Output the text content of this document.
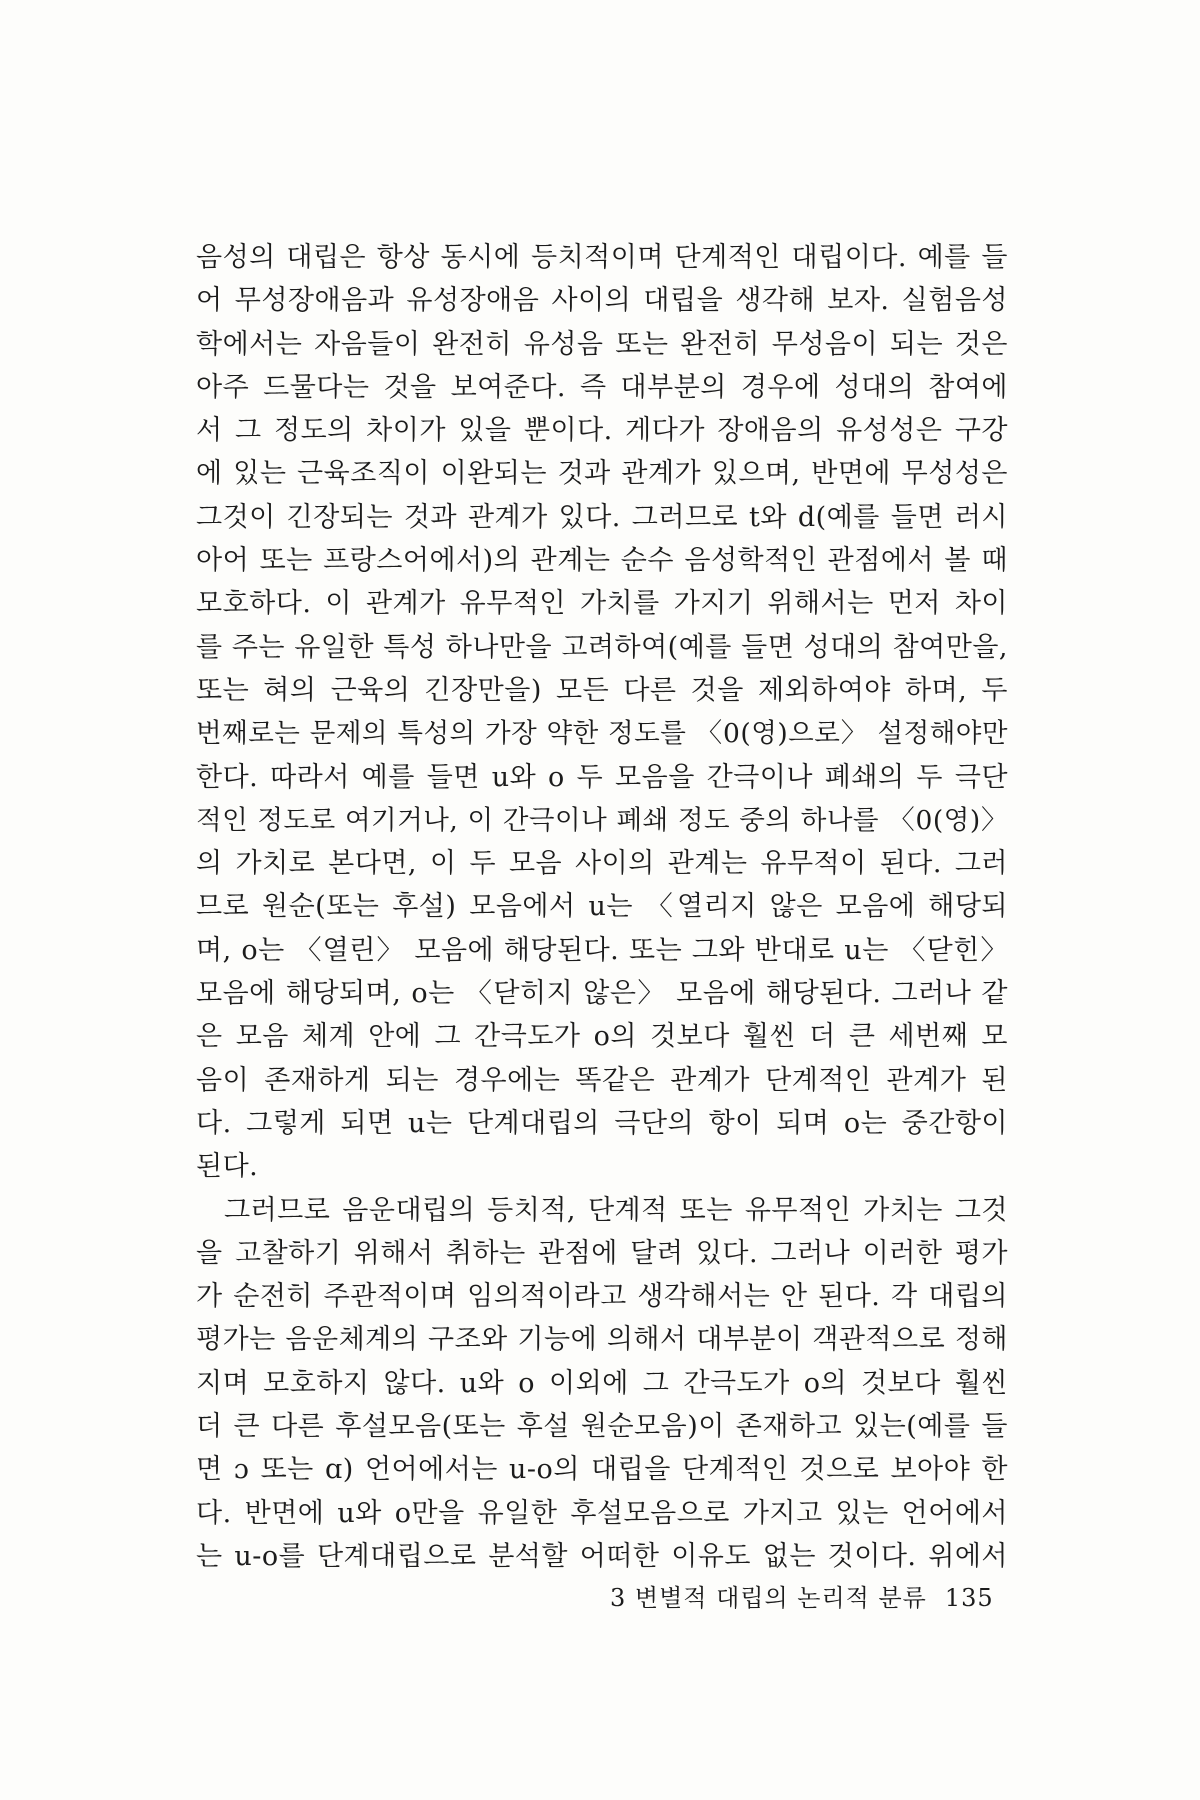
음성의 대립은 항상 동시에 등치적이며 단계적인 대립이다. 예를 들
어 무성장애음과 유성장애음 사이의 대립을 생각해 보자. 실험음성
학에서는 자음들이 완전히 유성음 또는 완전히 무성음이 되는 것은
아주 드물다는 것을 보여준다. 즉 대부분의 경우에 성대의 참여에
서 그 정도의 차이가 있을 뿐이다. 게다가 장애음의 유성성은 구강
에 있는 근육조직이 이완되는 것과 관계가 있으며, 반면에 무성성은
그것이 긴장되는 것과 관계가 있다. 그러므로 t와 d(예를 들면 러시
아어 또는 프랑스어에서)의 관계는 순수 음성학적인 관점에서 볼 때
모호하다. 이 관계가 유무적인 가치를 가지기 위해서는 먼저 차이
를 주는 유일한 특성 하나만을 고려하여(예를 들면 성대의 참여만을,
또는 혀의 근육의 긴장만을) 모든 다른 것을 제외하여야 하며, 두
번째로는 문제의 특성의 가장 약한 정도를 〈0(영)으로〉 설정해야만
한다. 따라서 예를 들면 u와 o 두 모음을 간극이나 폐쇄의 두 극단
적인 정도로 여기거나, 이 간극이나 폐쇄 정도 중의 하나를 〈0(영)〉
의 가치로 본다면, 이 두 모음 사이의 관계는 유무적이 된다. 그러
므로 원순(또는 후설) 모음에서 u는 〈열리지 않은 모음에 해당되
며, o는 〈열린〉 모음에 해당된다. 또는 그와 반대로 u는 〈닫힌〉
모음에 해당되며, o는 〈닫히지 않은〉 모음에 해당된다. 그러나 같
은 모음 체계 안에 그 간극도가 o의 것보다 훨씬 더 큰 세번째 모
음이 존재하게 되는 경우에는 똑같은 관계가 단계적인 관계가 된
다. 그렇게 되면 u는 단계대립의 극단의 항이 되며 o는 중간항이
된다.
그러므로 음운대립의 등치적, 단계적 또는 유무적인 가치는 그것
을 고찰하기 위해서 취하는 관점에 달려 있다. 그러나 이러한 평가
가 순전히 주관적이며 임의적이라고 생각해서는 안 된다. 각 대립의
평가는 음운체계의 구조와 기능에 의해서 대부분이 객관적으로 정해
지며 모호하지 않다. u와 o 이외에 그 간극도가 o의 것보다 훨씬
더 큰 다른 후설모음(또는 후설 원순모음)이 존재하고 있는(예를 들
면 ɔ 또는 ɑ) 언어에서는 u-o의 대립을 단계적인 것으로 보아야 한
다. 반면에 u와 o만을 유일한 후설모음으로 가지고 있는 언어에서
는 u-o를 단계대립으로 분석할 어떠한 이유도 없는 것이다. 위에서
3 변별적 대립의 논리적 분류 135
